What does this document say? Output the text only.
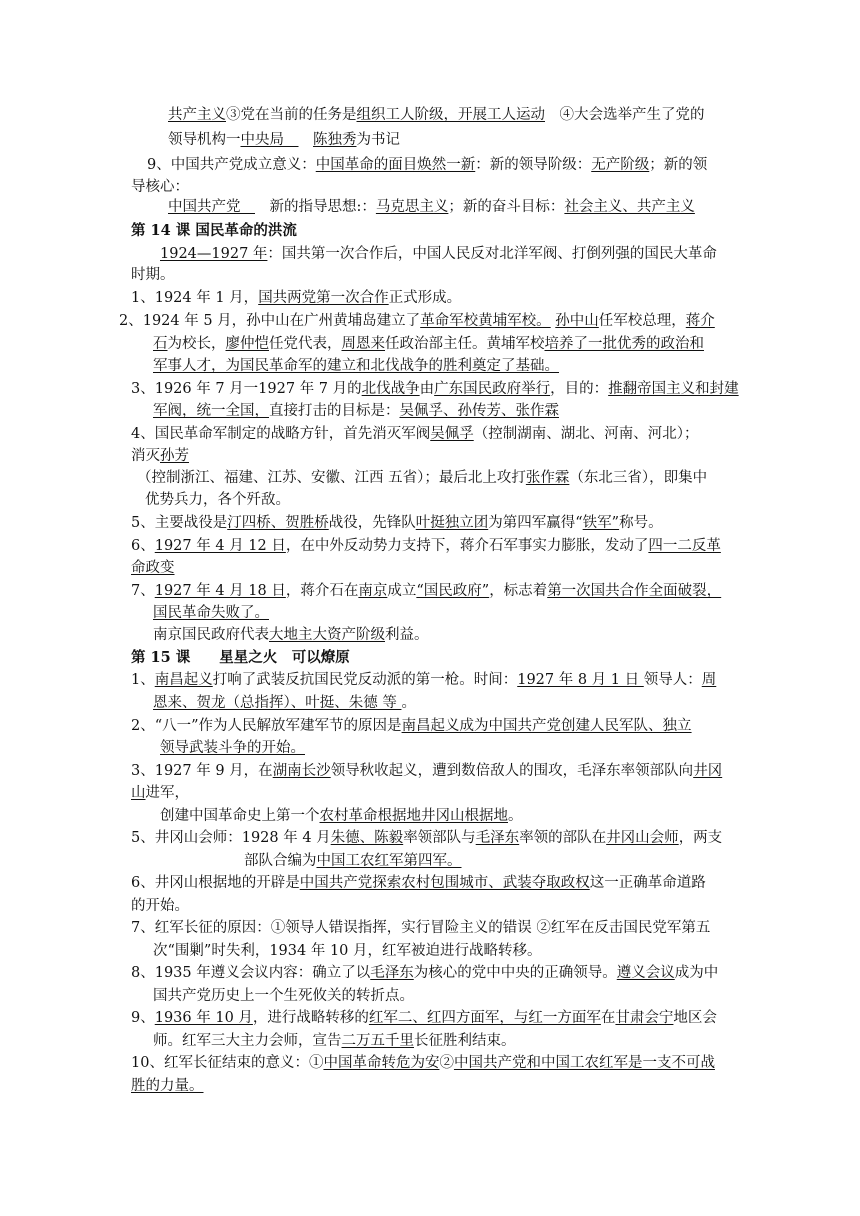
共产主义③党在当前的任务是组织工人阶级，开展工人运动　④大会选举产生了党的
领导机构一中央局　　陈独秀为书记
9、中国共产党成立意义：中国革命的面目焕然一新：新的领导阶级：无产阶级；新的领
导核心：
中国共产党　　新的指导思想:：马克思主义；新的奋斗目标：社会主义、共产主义
第 14 课 国民革命的洪流
1924—1927 年：国共第一次合作后，中国人民反对北洋军阀、打倒列强的国民大革命
时期。
1、1924 年 1 月，国共两党第一次合作正式形成。
2、1924 年 5 月，孙中山在广州黄埔岛建立了革命军校黄埔军校。 孙中山任军校总理，蒋介
石为校长，廖仲恺任党代表，周恩来任政治部主任。黄埔军校培养了一批优秀的政治和
军事人才，为国民革命军的建立和北伐战争的胜利奠定了基础。
3、1926 年 7 月一1927 年 7 月的北伐战争由广东国民政府举行，目的：推翻帝国主义和封建
军阀，统一全国，直接打击的目标是：吴佩孚、孙传芳、张作霖
4、国民革命军制定的战略方针，首先消灭军阀吴佩孚（控制湖南、湖北、河南、河北）；
消灭孙芳
（控制浙江、福建、江苏、安徽、江西 五省）；最后北上攻打张作霖（东北三省），即集中
优势兵力，各个歼敌。
5、主要战役是汀四桥、贺胜桥战役，先锋队叶挺独立团为第四军赢得“铁军”称号。
6、1927 年 4 月 12 日，在中外反动势力支持下，蒋介石军事实力膨胀，发动了四一二反革
命政变
7、1927 年 4 月 18 日，蒋介石在南京成立“国民政府”，标志着第一次国共合作全面破裂，
国民革命失败了。
南京国民政府代表大地主大资产阶级利益。
第 15 课　　星星之火　可以燎原
1、南昌起义打响了武装反抗国民党反动派的第一枪。时间：1927 年 8 月 1 日 领导人：周
恩来、贺龙（总指挥）、叶挺、朱德 等 。
2、“八一”作为人民解放军建军节的原因是南昌起义成为中国共产党创建人民军队、独立
领导武装斗争的开始。
3、1927 年 9 月，在湖南长沙领导秋收起义，遭到数倍敌人的围攻，毛泽东率领部队向井冈
山进军，
创建中国革命史上第一个农村革命根据地井冈山根据地。
5、井冈山会师：1928 年 4 月朱德、陈毅率领部队与毛泽东率领的部队在井冈山会师，两支
部队合编为中国工农红军第四军。
6、井冈山根据地的开辟是中国共产党探索农村包围城市、武装夺取政权这一正确革命道路
的开始。
7、红军长征的原因：①领导人错误指挥，实行冒险主义的错误 ②红军在反击国民党军第五
次“围剿”时失利，1934 年 10 月，红军被迫进行战略转移。
8、1935 年遵义会议内容：确立了以毛泽东为核心的党中中央的正确领导。遵义会议成为中
国共产党历史上一个生死攸关的转折点。
9、1936 年 10 月，进行战略转移的红军二、红四方面军，与红一方面军在甘肃会宁地区会
师。红军三大主力会师，宣告二万五千里长征胜利结束。
10、红军长征结束的意义：①中国革命转危为安②中国共产党和中国工农红军是一支不可战
胜的力量。
